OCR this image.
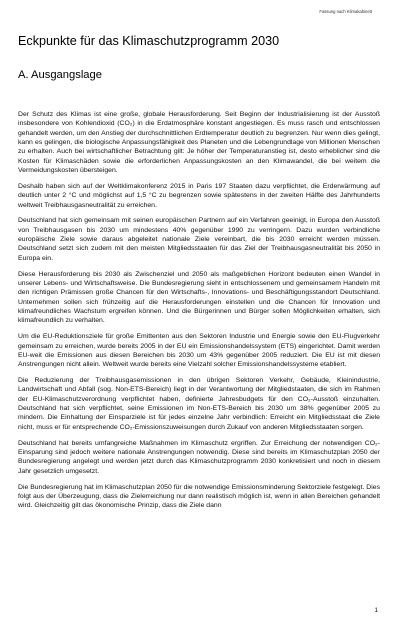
Fassung nach Klimakabinett
Eckpunkte für das Klimaschutzprogramm 2030
A. Ausgangslage

Der Schutz des Klimas ist eine große, globale Herausforderung. Seit Beginn der Industrialisierung ist der Ausstoß insbesondere von Kohlendioxid (CO₂) in die Erdatmosphäre konstant angestiegen. Es muss rasch und entschlossen gehandelt werden, um den Anstieg der durchschnittlichen Erdtemperatur deutlich zu begrenzen. Nur wenn dies gelingt, kann es gelingen, die biologische Anpassungsfähigkeit des Planeten und die Lebengrundlage von Millionen Menschen zu erhalten. Auch bei wirtschaftlicher Betrachtung gilt: Je höher der Temperaturanstieg ist, desto erheblicher sind die Kosten für Klimaschäden sowie die erforderlichen Anpassungskosten an den Klimawandel, die bei weitem die Vermeidungskosten übersteigen.

Deshalb haben sich auf der Weltklimakonferenz 2015 in Paris 197 Staaten dazu verpflichtet, die Erderwärmung auf deutlich unter 2 °C und möglichst auf 1,5 °C zu begrenzen sowie spätestens in der zweiten Hälfte des Jahrhunderts weltweit Treibhausgasneutralität zu erreichen.

Deutschland hat sich gemeinsam mit seinen europäischen Partnern auf ein Verfahren geeinigt, in Europa den Ausstoß von Treibhausgasen bis 2030 um mindestens 40% gegenüber 1990 zu verringern. Dazu wurden verbindliche europäische Ziele sowie daraus abgeleitet nationale Ziele vereinbart, die bis 2030 erreicht werden müssen. Deutschland setzt sich zudem mit den meisten Mitgliedsstaaten für das Ziel der Treibhausgasneutralität bis 2050 in Europa ein.

Diese Herausforderung bis 2030 als Zwischenziel und 2050 als maßgeblichen Horizont bedeuten einen Wandel in unserer Lebens- und Wirtschaftsweise. Die Bundesregierung sieht in entschlossenem und gemeinsamem Handeln mit den richtigen Prämissen große Chancen für den Wirtschafts-, Innovations- und Beschäftigungsstandort Deutschland. Unternehmen sollen sich frühzeitig auf die Herausforderungen einstellen und die Chancen für Innovation und klimafreundliches Wachstum ergreifen können. Und die Bürgerinnen und Bürger sollen Möglichkeiten erhalten, sich klimafreundlich zu verhalten.

Um die EU-Reduktionsziele für große Emittenten aus den Sektoren Industrie und Energie sowie den EU-Flugverkehr gemeinsam zu erreichen, wurde bereits 2005 in der EU ein Emissionshandelssystem (ETS) eingerichtet. Damit werden EU-weit die Emissionen aus diesen Bereichen bis 2030 um 43% gegenüber 2005 reduziert. Die EU ist mit diesen Anstrengungen nicht allein. Weltweit wurde bereits eine Vielzahl solcher Emissionshandelssysteme etabliert.

Die Reduzierung der Treibhausgasemissionen in den übrigen Sektoren Verkehr, Gebäude, Kleinindustrie, Landwirtschaft und Abfall (sog. Non-ETS-Bereich) liegt in der Verantwortung der Mitgliedstaaten, die sich im Rahmen der EU-Klimaschutzverordnung verpflichtet haben, definierte Jahresbudgets für den CO₂-Ausstoß einzuhalten. Deutschland hat sich verpflichtet, seine Emissionen im Non-ETS-Bereich bis 2030 um 38% gegenüber 2005 zu mindern. Die Einhaltung der Einsparziele ist für jedes einzelne Jahr verbindlich: Erreicht ein Mitgliedsstaat die Ziele nicht, muss er für entsprechende CO₂-Emissionszuweisungen durch Zukauf von anderen Mitgliedsstaaten sorgen.

Deutschland hat bereits umfangreiche Maßnahmen im Klimaschutz ergriffen. Zur Erreichung der notwendigen CO₂-Einsparung sind jedoch weitere nationale Anstrengungen notwendig. Diese sind bereits im Klimaschutzplan 2050 der Bundesregierung angelegt und werden jetzt durch das Klimaschutzprogramm 2030 konkretisiert und noch in diesem Jahr gesetzlich umgesetzt.

Die Bundesregierung hat im Klimaschutzplan 2050 für die notwendige Emissionsminderung Sektorziele festgelegt. Dies folgt aus der Überzeugung, dass die Zielerreichung nur dann realistisch möglich ist, wenn in allen Bereichen gehandelt wird. Gleichzeitig gilt das ökonomische Prinzip, dass die Ziele dann

1
